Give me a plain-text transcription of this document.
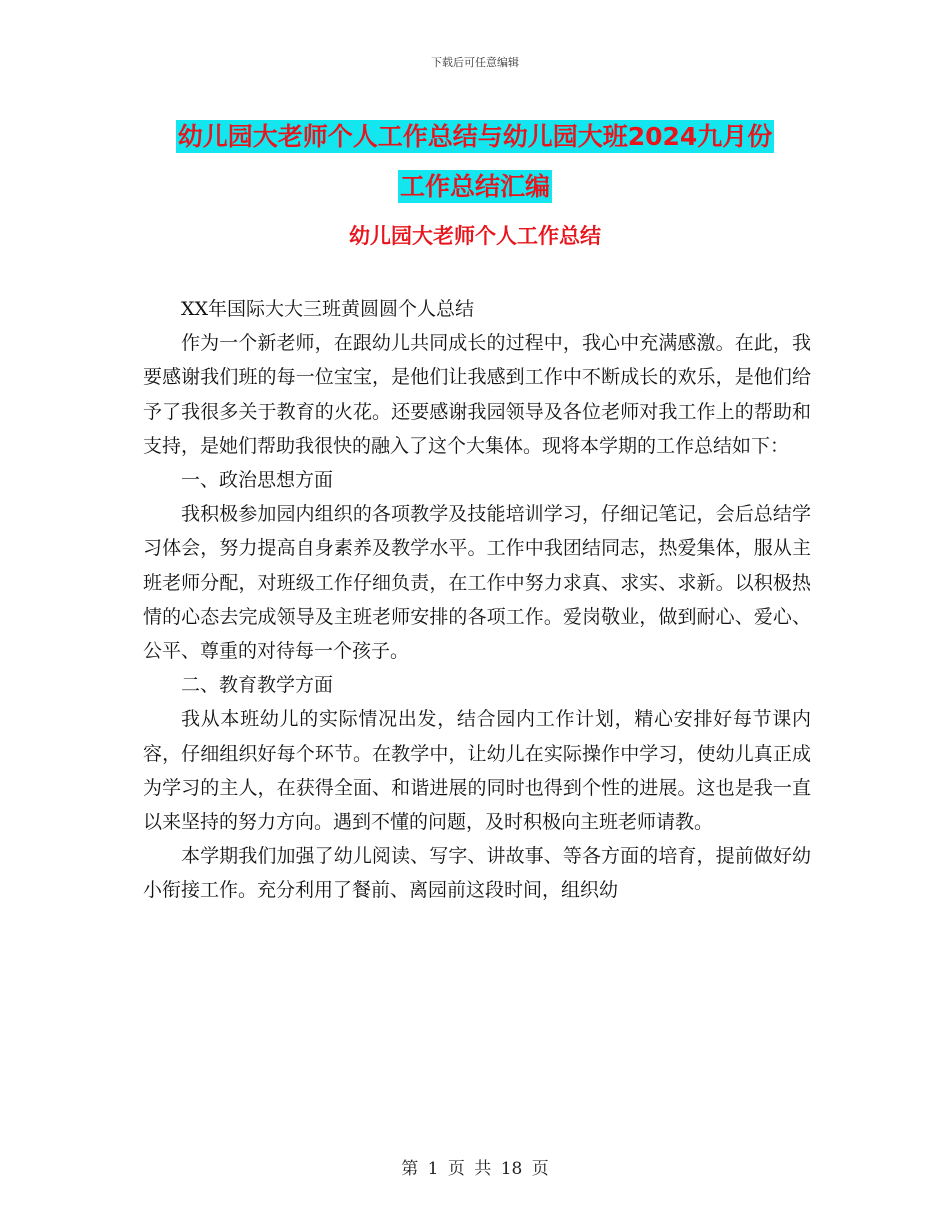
下载后可任意编辑
幼儿园大老师个人工作总结与幼儿园大班2024九月份
工作总结汇编
幼儿园大老师个人工作总结

XX年国际大大三班黄圆圆个人总结

作为一个新老师，在跟幼儿共同成长的过程中，我心中充满感激。在此，我要感谢我们班的每一位宝宝，是他们让我感到工作中不断成长的欢乐，是他们给予了我很多关于教育的火花。还要感谢我园领导及各位老师对我工作上的帮助和支持，是她们帮助我很快的融入了这个大集体。现将本学期的工作总结如下：

一、政治思想方面

我积极参加园内组织的各项教学及技能培训学习，仔细记笔记，会后总结学习体会，努力提高自身素养及教学水平。工作中我团结同志，热爱集体，服从主班老师分配，对班级工作仔细负责，在工作中努力求真、求实、求新。以积极热情的心态去完成领导及主班老师安排的各项工作。爱岗敬业，做到耐心、爱心、公平、尊重的对待每一个孩子。

二、教育教学方面

我从本班幼儿的实际情况出发，结合园内工作计划，精心安排好每节课内容，仔细组织好每个环节。在教学中，让幼儿在实际操作中学习，使幼儿真正成为学习的主人，在获得全面、和谐进展的同时也得到个性的进展。这也是我一直以来坚持的努力方向。遇到不懂的问题，及时积极向主班老师请教。

本学期我们加强了幼儿阅读、写字、讲故事、等各方面的培育，提前做好幼小衔接工作。充分利用了餐前、离园前这段时间，组织幼

第 1 页 共 18 页
